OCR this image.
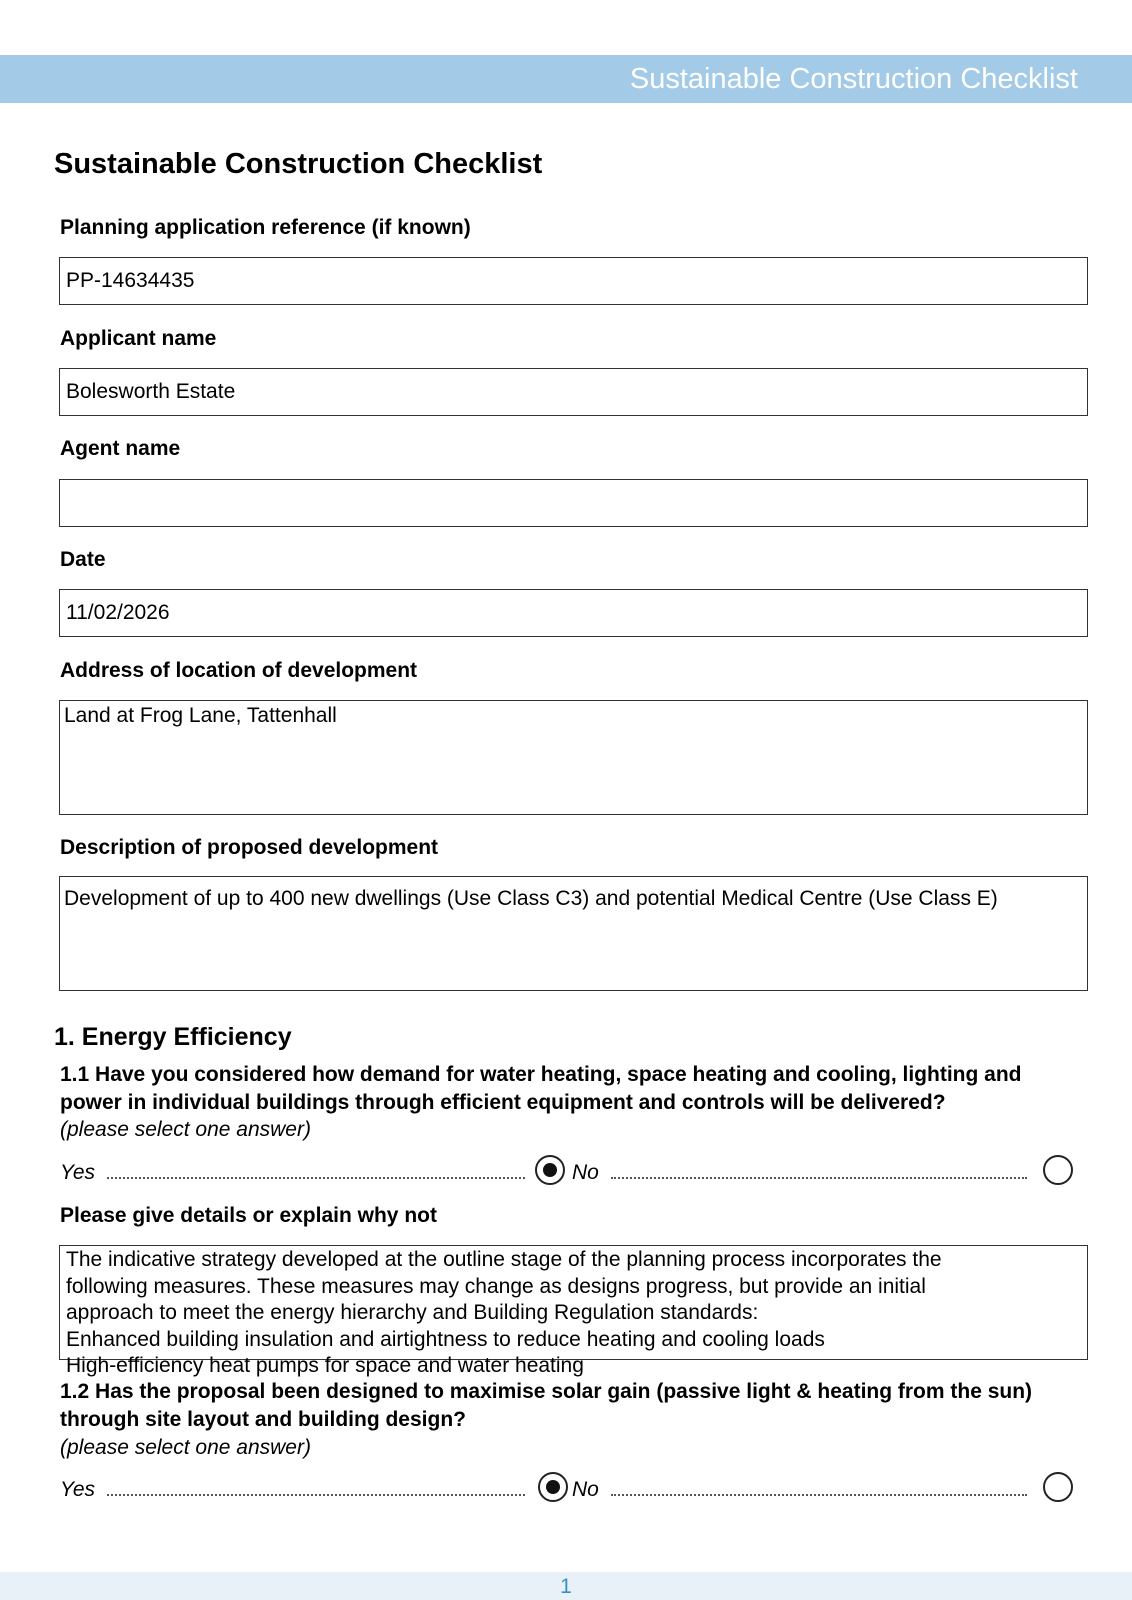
Sustainable Construction Checklist
Sustainable Construction Checklist
Planning application reference (if known)
PP-14634435
Applicant name
Bolesworth Estate
Agent name
Date
11/02/2026
Address of location of development
Land at Frog Lane, Tattenhall
Description of proposed development
Development of up to 400 new dwellings (Use Class C3) and potential Medical Centre (Use Class E)
1. Energy Efficiency
1.1 Have you considered how demand for water heating, space heating and cooling, lighting and power in individual buildings through efficient equipment and controls will be delivered?
(please select one answer)
Yes	No
Please give details or explain why not
The indicative strategy developed at the outline stage of the planning process incorporates the
following measures. These measures may change as designs progress, but provide an initial
approach to meet the energy hierarchy and Building Regulation standards:
Enhanced building insulation and airtightness to reduce heating and cooling loads
High-efficiency heat pumps for space and water heating
1.2 Has the proposal been designed to maximise solar gain (passive light & heating from the sun) through site layout and building design?
(please select one answer)
Yes	No
1
